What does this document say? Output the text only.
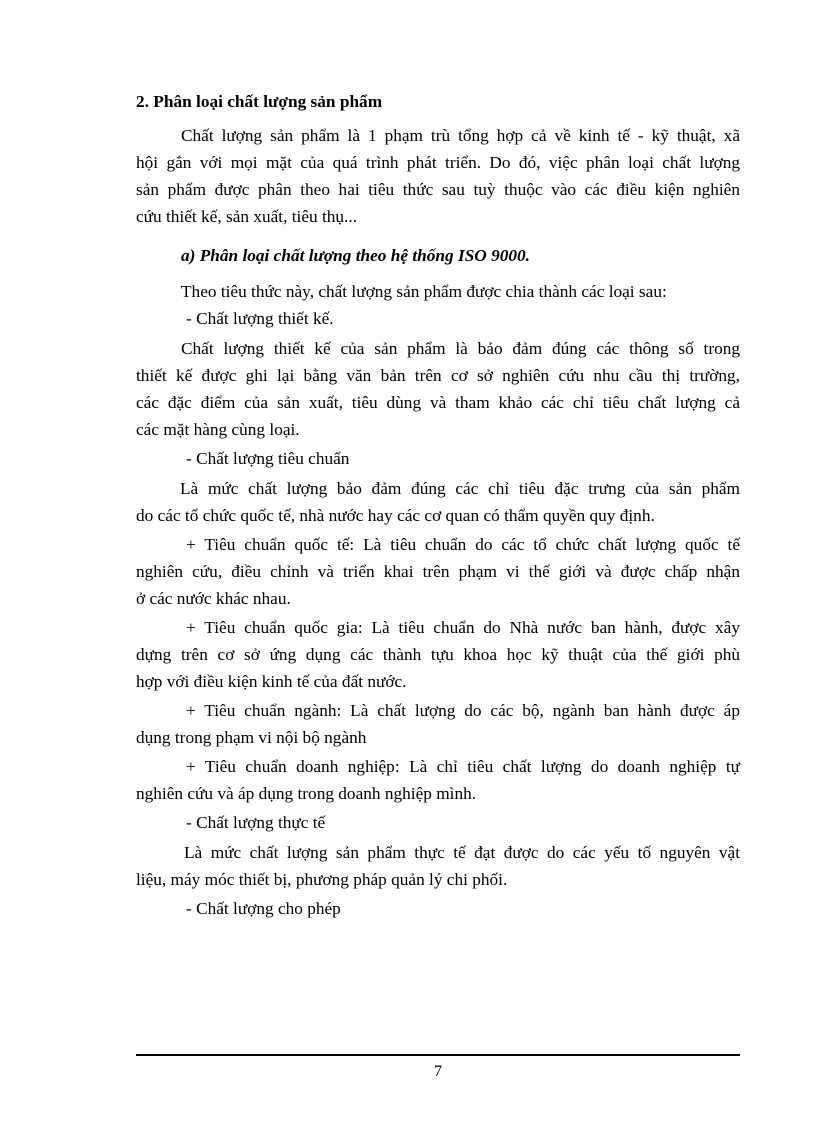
2. Phân loại chất lượng sản phẩm
Chất lượng sản phẩm là 1 phạm trù tổng hợp cả về kinh tế - kỹ thuật, xã
hội gắn với mọi mặt của quá trình phát triển. Do đó, việc phân loại chất lượng
sản phẩm được phân theo hai tiêu thức sau tuỳ thuộc vào các điều kiện nghiên
cứu thiết kế, sản xuất, tiêu thụ...
a) Phân loại chất lượng theo hệ thống ISO 9000.
Theo tiêu thức này, chất lượng sản phẩm được chia thành các loại sau:
- Chất lượng thiết kế.
Chất lượng thiết kế của sản phẩm là bảo đảm đúng các thông số trong
thiết kế được ghi lại bằng văn bản trên cơ sở nghiên cứu nhu cầu thị trường,
các đặc điểm của sản xuất, tiêu dùng và tham khảo các chỉ tiêu chất lượng cả
các mặt hàng cùng loại.
- Chất lượng tiêu chuẩn
Là mức chất lượng bảo đảm đúng các chỉ tiêu đặc trưng của sản phẩm
do các tổ chức quốc tế, nhà nước hay các cơ quan có thẩm quyền quy định.
+ Tiêu chuẩn quốc tế: Là tiêu chuẩn do các tổ chức chất lượng quốc tế
nghiên cứu, điều chỉnh và triển khai trên phạm vi thế giới và được chấp nhận
ở các nước khác nhau.
+ Tiêu chuẩn quốc gia: Là tiêu chuẩn do Nhà nước ban hành, được xây
dựng trên cơ sở ứng dụng các thành tựu khoa học kỹ thuật của thế giới phù
hợp với điều kiện kinh tế của đất nước.
+ Tiêu chuẩn ngành: Là chất lượng do các bộ, ngành ban hành được áp
dụng trong phạm vi nội bộ ngành
+ Tiêu chuẩn doanh nghiệp: Là chỉ tiêu chất lượng do doanh nghiệp tự
nghiên cứu và áp dụng trong doanh nghiệp mình.
- Chất lượng thực tế
Là mức chất lượng sản phẩm thực tế đạt được do các yếu tố nguyên vật
liệu, máy móc thiết bị, phương pháp quản lý chi phối.
- Chất lượng cho phép
7
